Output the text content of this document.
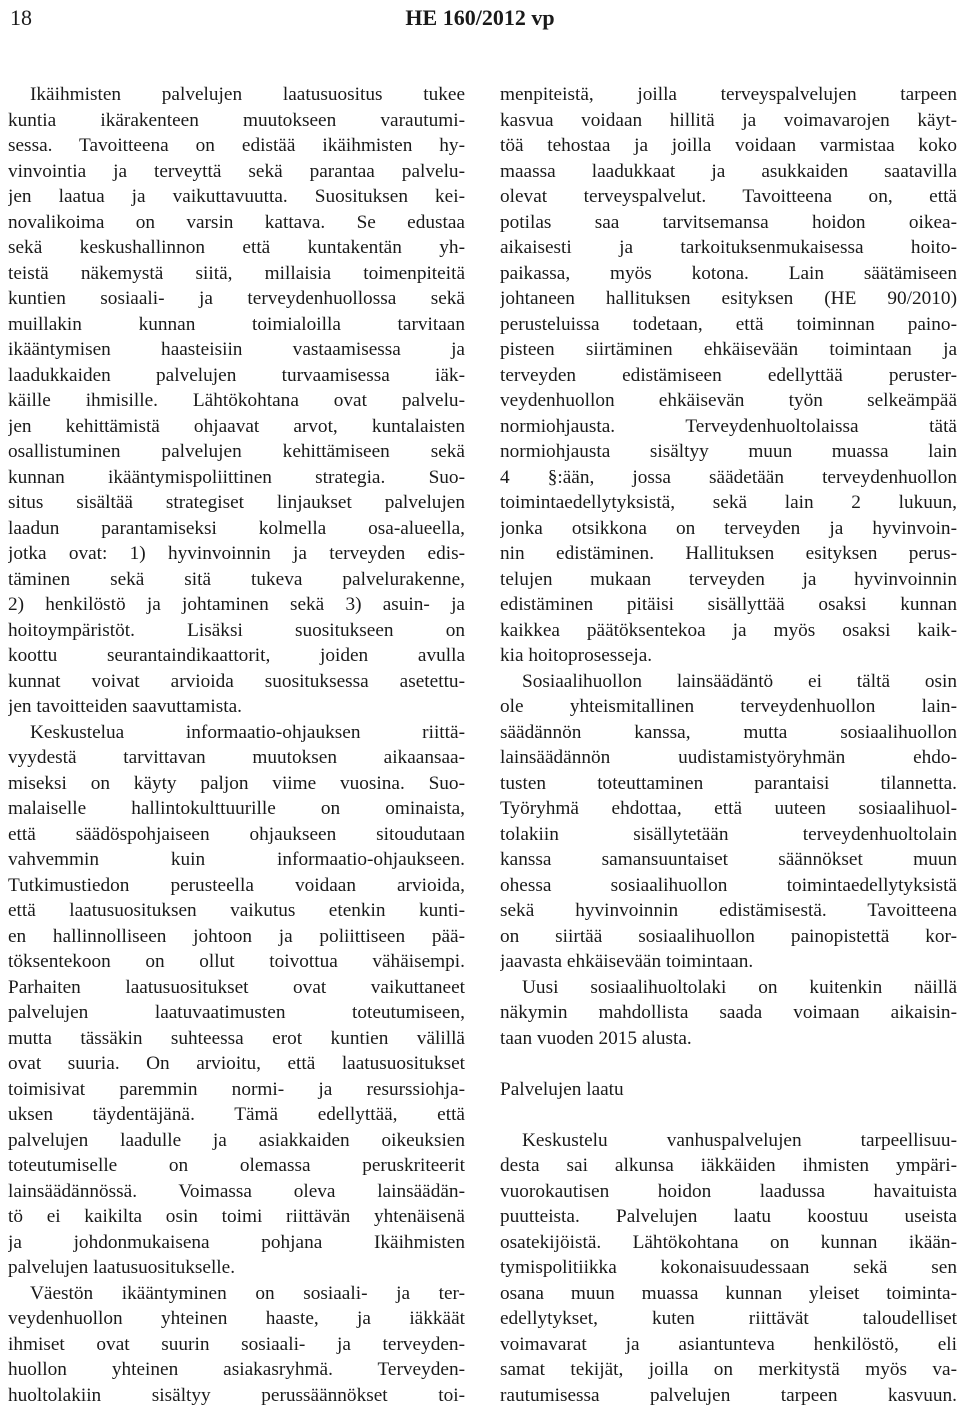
18	HE 160/2012 vp
Ikäihmisten palvelujen laatusuositus tukee
kuntia ikärakenteen muutokseen varautumi-
sessa. Tavoitteena on edistää ikäihmisten hy-
vinvointia ja terveyttä sekä parantaa palvelu-
jen laatua ja vaikuttavuutta. Suosituksen kei-
novalikoima on varsin kattava. Se edustaa
sekä keskushallinnon että kuntakentän yh-
teistä näkemystä siitä, millaisia toimenpiteitä
kuntien sosiaali- ja terveydenhuollossa sekä
muillakin kunnan toimialoilla tarvitaan
ikääntymisen haasteisiin vastaamisessa ja
laadukkaiden palvelujen turvaamisessa iäk-
käille ihmisille. Lähtökohtana ovat palvelu-
jen kehittämistä ohjaavat arvot, kuntalaisten
osallistuminen palvelujen kehittämiseen sekä
kunnan ikääntymispoliittinen strategia. Suo-
situs sisältää strategiset linjaukset palvelujen
laadun parantamiseksi kolmella osa-alueella,
jotka ovat: 1) hyvinvoinnin ja terveyden edis-
täminen sekä sitä tukeva palvelurakenne,
2) henkilöstö ja johtaminen sekä 3) asuin- ja
hoitoympäristöt. Lisäksi suositukseen on
koottu seurantaindikaattorit, joiden avulla
kunnat voivat arvioida suosituksessa asetettu-
jen tavoitteiden saavuttamista.
Keskustelua informaatio-ohjauksen riittä-
vyydestä tarvittavan muutoksen aikaansaa-
miseksi on käyty paljon viime vuosina. Suo-
malaiselle hallintokulttuurille on ominaista,
että säädöspohjaiseen ohjaukseen sitoudutaan
vahvemmin kuin informaatio-ohjaukseen.
Tutkimustiedon perusteella voidaan arvioida,
että laatusuosituksen vaikutus etenkin kunti-
en hallinnolliseen johtoon ja poliittiseen pää-
töksentekoon on ollut toivottua vähäisempi.
Parhaiten laatusuositukset ovat vaikuttaneet
palvelujen laatuvaatimusten toteutumiseen,
mutta tässäkin suhteessa erot kuntien välillä
ovat suuria. On arvioitu, että laatusuositukset
toimisivat paremmin normi- ja resurssiohja-
uksen täydentäjänä. Tämä edellyttää, että
palvelujen laadulle ja asiakkaiden oikeuksien
toteutumiselle on olemassa peruskriteerit
lainsäädännössä. Voimassa oleva lainsäädän-
tö ei kaikilta osin toimi riittävän yhtenäisenä
ja johdonmukaisena pohjana Ikäihmisten
palvelujen laatusuositukselle.
Väestön ikääntyminen on sosiaali- ja ter-
veydenhuollon yhteinen haaste, ja iäkkäät
ihmiset ovat suurin sosiaali- ja terveyden-
huollon yhteinen asiakasryhmä. Terveyden-
huoltolakiin sisältyy perussäännökset toi-
menpiteistä, joilla terveyspalvelujen tarpeen
kasvua voidaan hillitä ja voimavarojen käyt-
töä tehostaa ja joilla voidaan varmistaa koko
maassa laadukkaat ja asukkaiden saatavilla
olevat terveyspalvelut. Tavoitteena on, että
potilas saa tarvitsemansa hoidon oikea-
aikaisesti ja tarkoituksenmukaisessa hoito-
paikassa, myös kotona. Lain säätämiseen
johtaneen hallituksen esityksen (HE 90/2010)
perusteluissa todetaan, että toiminnan paino-
pisteen siirtäminen ehkäisevään toimintaan ja
terveyden edistämiseen edellyttää peruster-
veydenhuollon ehkäisevän työn selkeämpää
normiohjausta. Terveydenhuoltolaissa tätä
normiohjausta sisältyy muun muassa lain
4 §:ään, jossa säädetään terveydenhuollon
toimintaedellytyksistä, sekä lain 2 lukuun,
jonka otsikkona on terveyden ja hyvinvoin-
nin edistäminen. Hallituksen esityksen perus-
telujen mukaan terveyden ja hyvinvoinnin
edistäminen pitäisi sisällyttää osaksi kunnan
kaikkea päätöksentekoa ja myös osaksi kaik-
kia hoitoprosesseja.
Sosiaalihuollon lainsäädäntö ei tältä osin
ole yhteismitallinen terveydenhuollon lain-
säädännön kanssa, mutta sosiaalihuollon
lainsäädännön uudistamistyöryhmän ehdo-
tusten toteuttaminen parantaisi tilannetta.
Työryhmä ehdottaa, että uuteen sosiaalihuol-
tolakiin sisällytetään terveydenhuoltolain
kanssa samansuuntaiset säännökset muun
ohessa sosiaalihuollon toimintaedellytyksistä
sekä hyvinvoinnin edistämisestä. Tavoitteena
on siirtää sosiaalihuollon painopistettä kor-
jaavasta ehkäisevään toimintaan.
Uusi sosiaalihuoltolaki on kuitenkin näillä
näkymin mahdollista saada voimaan aikaisin-
taan vuoden 2015 alusta.
Palvelujen laatu
Keskustelu vanhuspalvelujen tarpeellisuu-
desta sai alkunsa iäkkäiden ihmisten ympäri-
vuorokautisen hoidon laadussa havaituista
puutteista. Palvelujen laatu koostuu useista
osatekijöistä. Lähtökohtana on kunnan ikään-
tymispolitiikka kokonaisuudessaan sekä sen
osana muun muassa kunnan yleiset toiminta-
edellytykset, kuten riittävät taloudelliset
voimavarat ja asiantunteva henkilöstö, eli
samat tekijät, joilla on merkitystä myös va-
rautumisessa palvelujen tarpeen kasvuun.
